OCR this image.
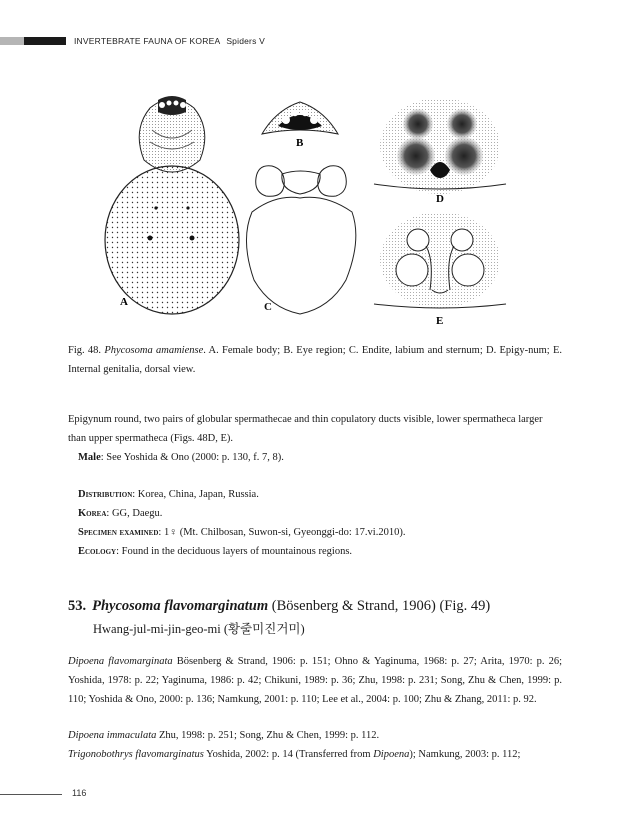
INVERTEBRATE FAUNA OF KOREA Spiders V
A
B
C
D
E
Fig. 48. Phycosoma amamiense. A. Female body; B. Eye region; C. Endite, labium and sternum; D. Epigy-num; E. Internal genitalia, dorsal view.
Epigynum round, two pairs of globular spermathecae and thin copulatory ducts visible, lower spermatheca larger than upper spermatheca (Figs. 48D, E).
Male: See Yoshida & Ono (2000: p. 130, f. 7, 8).
Distribution: Korea, China, Japan, Russia.
Korea: GG, Daegu.
Specimen examined: 1♀ (Mt. Chilbosan, Suwon-si, Gyeonggi-do: 17.vi.2010).
Ecology: Found in the deciduous layers of mountainous regions.
53. Phycosoma flavomarginatum (Bösenberg & Strand, 1906) (Fig. 49)
Hwang-jul-mi-jin-geo-mi (황줄미진거미)
Dipoena flavomarginata Bösenberg & Strand, 1906: p. 151; Ohno & Yaginuma, 1968: p. 27; Arita, 1970: p. 26; Yoshida, 1978: p. 22; Yaginuma, 1986: p. 42; Chikuni, 1989: p. 36; Zhu, 1998: p. 231; Song, Zhu & Chen, 1999: p. 110; Yoshida & Ono, 2000: p. 136; Namkung, 2001: p. 110; Lee et al., 2004: p. 100; Zhu & Zhang, 2011: p. 92.
Dipoena immaculata Zhu, 1998: p. 251; Song, Zhu & Chen, 1999: p. 112.
Trigonobothrys flavomarginatus Yoshida, 2002: p. 14 (Transferred from Dipoena); Namkung, 2003: p. 112;
116
